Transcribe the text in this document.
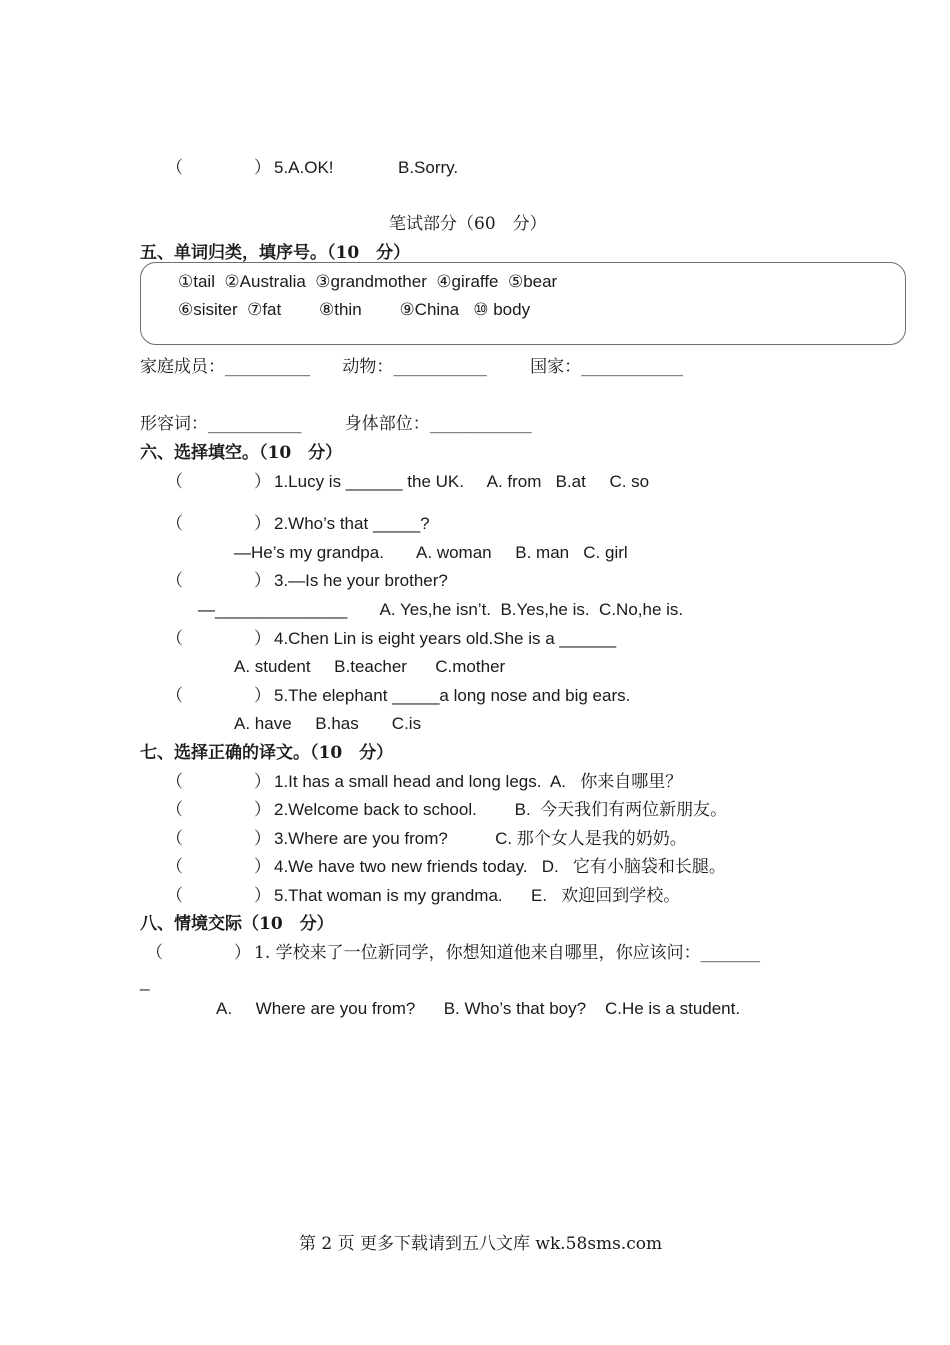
（	） 5.A.OK!	B.Sorry.
笔试部分（60　分）
五、单词归类，填序号。（10　分）
①tail  ②Australia  ③grandmother  ④giraffe  ⑤bear
⑥sisiter  ⑦fat        ⑧thin        ⑨China   ⑩ body
家庭成员：__________      动物：___________        国家：____________
形容词：___________        身体部位：____________
六、选择填空。（10　分）
（	） 1.Lucy is ______ the UK.     A. from   B.at     C. so
（	） 2.Who’s that _____?
—He’s my grandpa.       A. woman     B. man   C. girl
（	） 3.—Is he your brother?
—______________       A. Yes,he isn’t.  B.Yes,he is.  C.No,he is.
（	） 4.Chen Lin is eight years old.She is a ______
A. student     B.teacher      C.mother
（	） 5.The elephant _____a long nose and big ears.
A. have     B.has       C.is
七、选择正确的译文。（10　分）
（	） 1.It has a small head and long legs.  A.   你来自哪里？
（	） 2.Welcome back to school.        B.  今天我们有两位新朋友。
（	） 3.Where are you from?          C. 那个女人是我的奶奶。
（	） 4.We have two new friends today.   D.   它有小脑袋和长腿。
（	） 5.That woman is my grandma.      E.   欢迎回到学校。
八、情境交际（10　分）
（	） 1. 学校来了一位新同学，你想知道他来自哪里，你应该问：_______
_
A.     Where are you from?      B. Who’s that boy?    C.He is a student.
第 2 页 更多下载请到五八文库 wk.58sms.com
